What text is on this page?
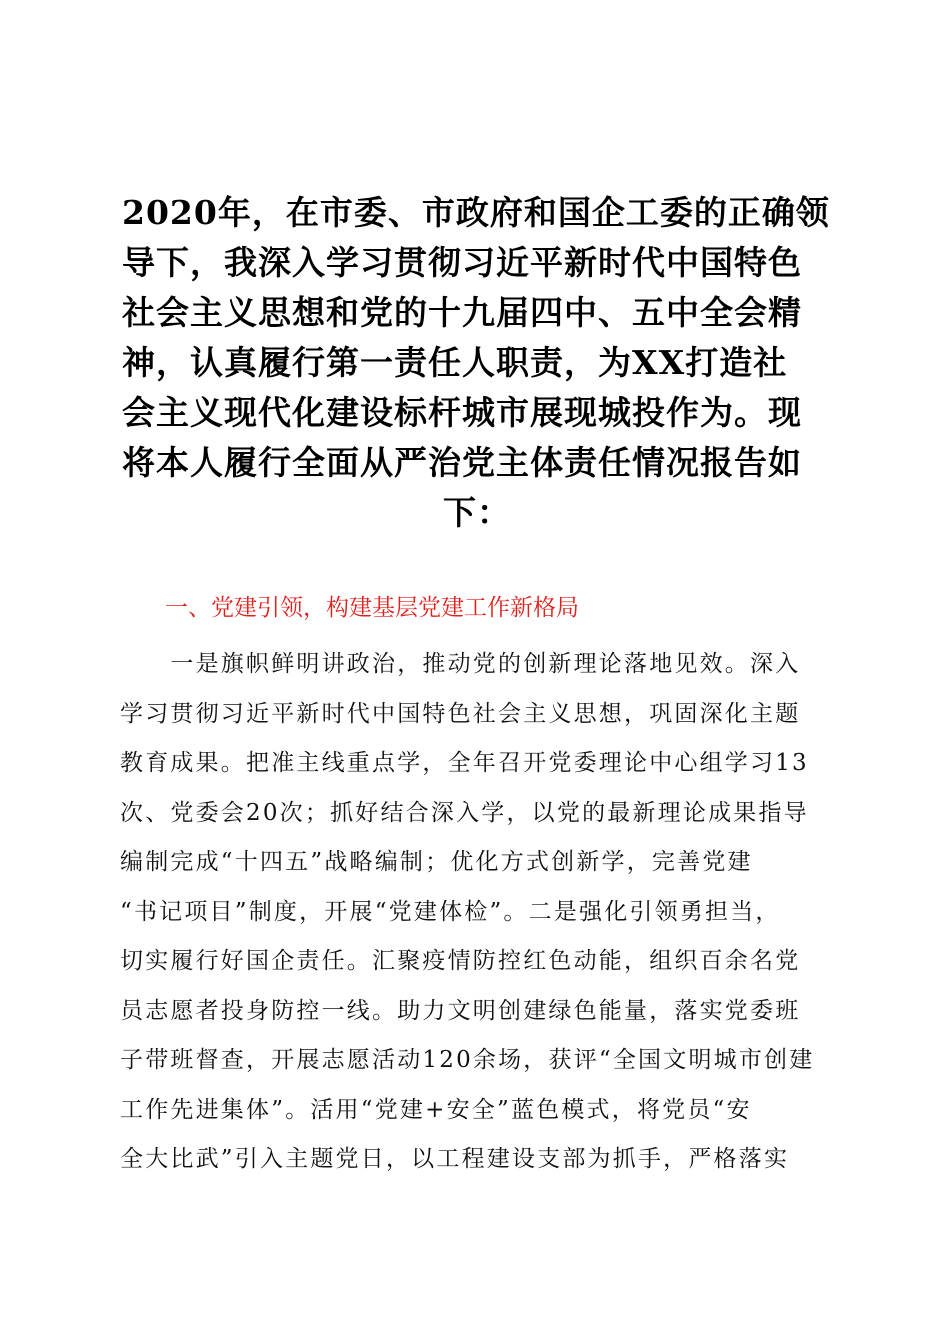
2020年，在市委、市政府和国企工委的正确领
导下，我深入学习贯彻习近平新时代中国特色
社会主义思想和党的十九届四中、五中全会精
神，认真履行第一责任人职责，为XX打造社
会主义现代化建设标杆城市展现城投作为。现
将本人履行全面从严治党主体责任情况报告如
下：
一、党建引领，构建基层党建工作新格局
　　一是旗帜鲜明讲政治，推动党的创新理论落地见效。深入
学习贯彻习近平新时代中国特色社会主义思想，巩固深化主题
教育成果。把准主线重点学，全年召开党委理论中心组学习13
次、党委会20次；抓好结合深入学，以党的最新理论成果指导
编制完成“十四五”战略编制；优化方式创新学，完善党建
“书记项目”制度，开展“党建体检”。二是强化引领勇担当，
切实履行好国企责任。汇聚疫情防控红色动能，组织百余名党
员志愿者投身防控一线。助力文明创建绿色能量，落实党委班
子带班督查，开展志愿活动120余场，获评“全国文明城市创建
工作先进集体”。活用“党建+安全”蓝色模式，将党员“安
全大比武”引入主题党日，以工程建设支部为抓手，严格落实
